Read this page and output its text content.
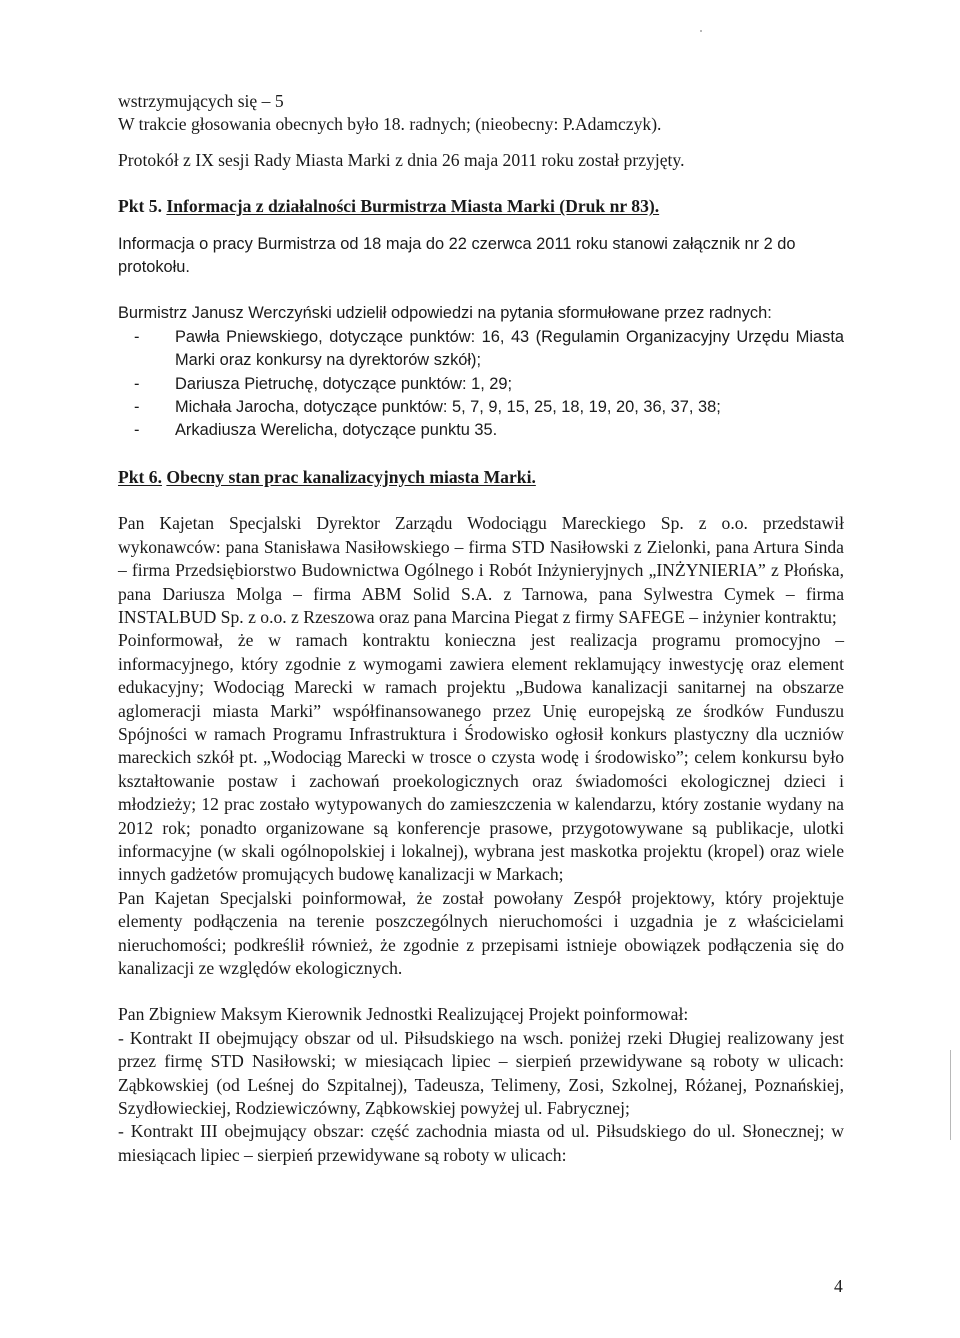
wstrzymujących się – 5

W trakcie głosowania obecnych było 18. radnych; (nieobecny: P.Adamczyk).

Protokół z IX sesji Rady Miasta Marki z dnia 26 maja 2011 roku został przyjęty.

Pkt 5. Informacja z działalności Burmistrza Miasta Marki (Druk nr 83).

Informacja o pracy Burmistrza od 18 maja do 22 czerwca 2011 roku stanowi załącznik nr 2 do protokołu.

Burmistrz Janusz Werczyński udzielił odpowiedzi na pytania sformułowane przez radnych:

- Pawła Pniewskiego, dotyczące punktów: 16, 43 (Regulamin Organizacyjny Urzędu Miasta Marki oraz konkursy na dyrektorów szkół);
- Dariusza Pietruchę, dotyczące punktów: 1, 29;
- Michała Jarocha, dotyczące punktów: 5, 7, 9, 15, 25, 18, 19, 20, 36, 37, 38;
- Arkadiusza Werelicha, dotyczące punktu 35.

Pkt 6. Obecny stan prac kanalizacyjnych miasta Marki.

Pan Kajetan Specjalski Dyrektor Zarządu Wodociągu Mareckiego Sp. z o.o. przedstawił wykonawców: pana Stanisława Nasiłowskiego – firma STD Nasiłowski z Zielonki, pana Artura Sinda – firma Przedsiębiorstwo Budownictwa Ogólnego i Robót Inżynieryjnych „INŻYNIERIA” z Płońska, pana Dariusza Molga – firma ABM Solid S.A. z Tarnowa, pana Sylwestra Cymek – firma INSTALBUD Sp. z o.o. z Rzeszowa oraz pana Marcina Piegat z firmy SAFEGE – inżynier kontraktu;

Poinformował, że w ramach kontraktu konieczna jest realizacja programu promocyjno – informacyjnego, który zgodnie z wymogami zawiera element reklamujący inwestycję oraz element edukacyjny; Wodociąg Marecki w ramach projektu „Budowa kanalizacji sanitarnej na obszarze aglomeracji miasta Marki” współfinansowanego przez Unię europejską ze środków Funduszu Spójności w ramach Programu Infrastruktura i Środowisko ogłosił konkurs plastyczny dla uczniów mareckich szkół pt. „Wodociąg Marecki w trosce o czysta wodę i środowisko”; celem konkursu było kształtowanie postaw i zachowań proekologicznych oraz świadomości ekologicznej dzieci i młodzieży; 12 prac zostało wytypowanych do zamieszczenia w kalendarzu, który zostanie wydany na 2012 rok; ponadto organizowane są konferencje prasowe, przygotowywane są publikacje, ulotki informacyjne (w skali ogólnopolskiej i lokalnej), wybrana jest maskotka projektu (kropel) oraz wiele innych gadżetów promujących budowę kanalizacji w Markach;

Pan Kajetan Specjalski poinformował, że został powołany Zespół projektowy, który projektuje elementy podłączenia na terenie poszczególnych nieruchomości i uzgadnia je z właścicielami nieruchomości; podkreślił również, że zgodnie z przepisami istnieje obowiązek podłączenia się do kanalizacji ze względów ekologicznych.

Pan Zbigniew Maksym Kierownik Jednostki Realizującej Projekt poinformował:

- Kontrakt II obejmujący obszar od ul. Piłsudskiego na wsch. poniżej rzeki Długiej realizowany jest przez firmę STD Nasiłowski; w miesiącach lipiec – sierpień przewidywane są roboty w ulicach: Ząbkowskiej (od Leśnej do Szpitalnej), Tadeusza, Telimeny, Zosi, Szkolnej, Różanej, Poznańskiej, Szydłowieckiej, Rodziewiczówny, Ząbkowskiej powyżej ul. Fabrycznej;

- Kontrakt III obejmujący obszar: część zachodnia miasta od ul. Piłsudskiego do ul. Słonecznej; w miesiącach lipiec – sierpień przewidywane są roboty w ulicach:

4
